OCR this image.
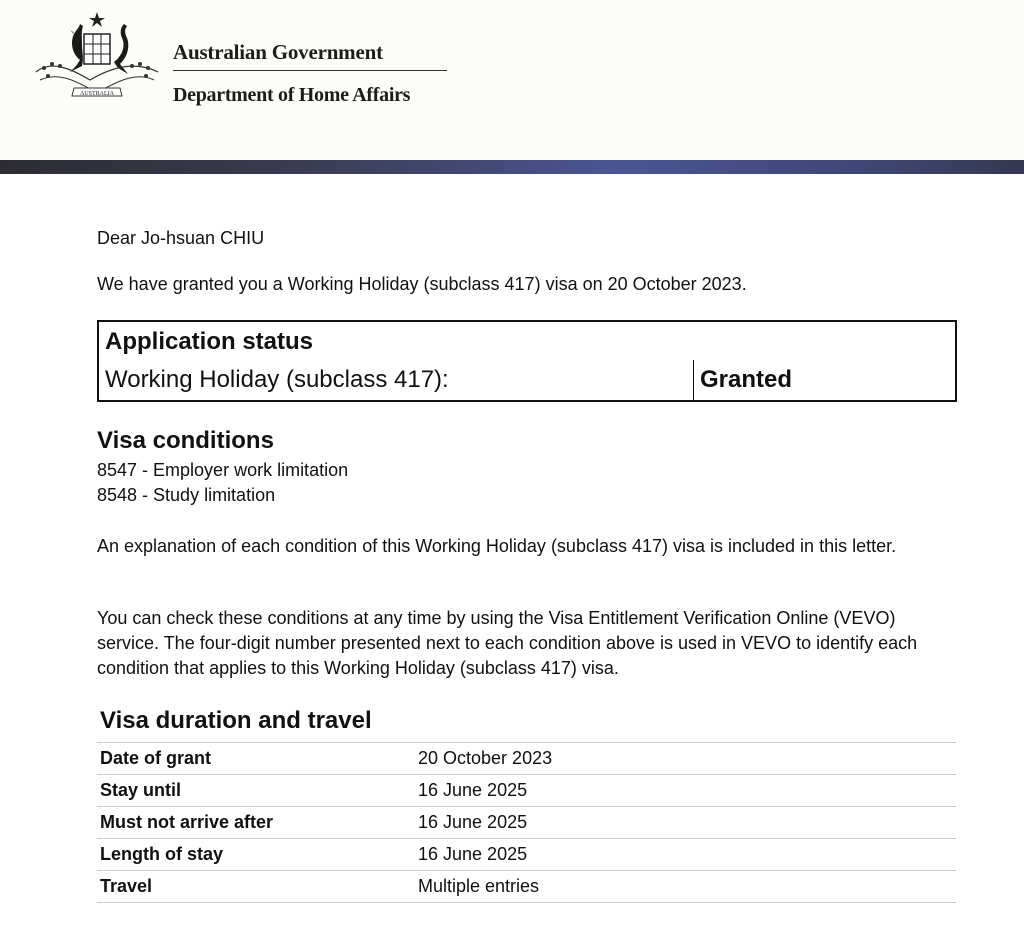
AUSTRALIA
Australian Government
Department of Home Affairs
Dear Jo-hsuan CHIU
We have granted you a Working Holiday (subclass 417) visa on 20 October 2023.
Application status
Working Holiday (subclass 417):	Granted
Visa conditions
8547 - Employer work limitation
8548 - Study limitation

An explanation of each condition of this Working Holiday (subclass 417) visa is included in this letter.

You can check these conditions at any time by using the Visa Entitlement Verification Online (VEVO) service. The four-digit number presented next to each condition above is used in VEVO to identify each condition that applies to this Working Holiday (subclass 417) visa.

Visa duration and travel
Date of grant	20 October 2023
Stay until	16 June 2025
Must not arrive after	16 June 2025
Length of stay	16 June 2025
Travel	Multiple entries
